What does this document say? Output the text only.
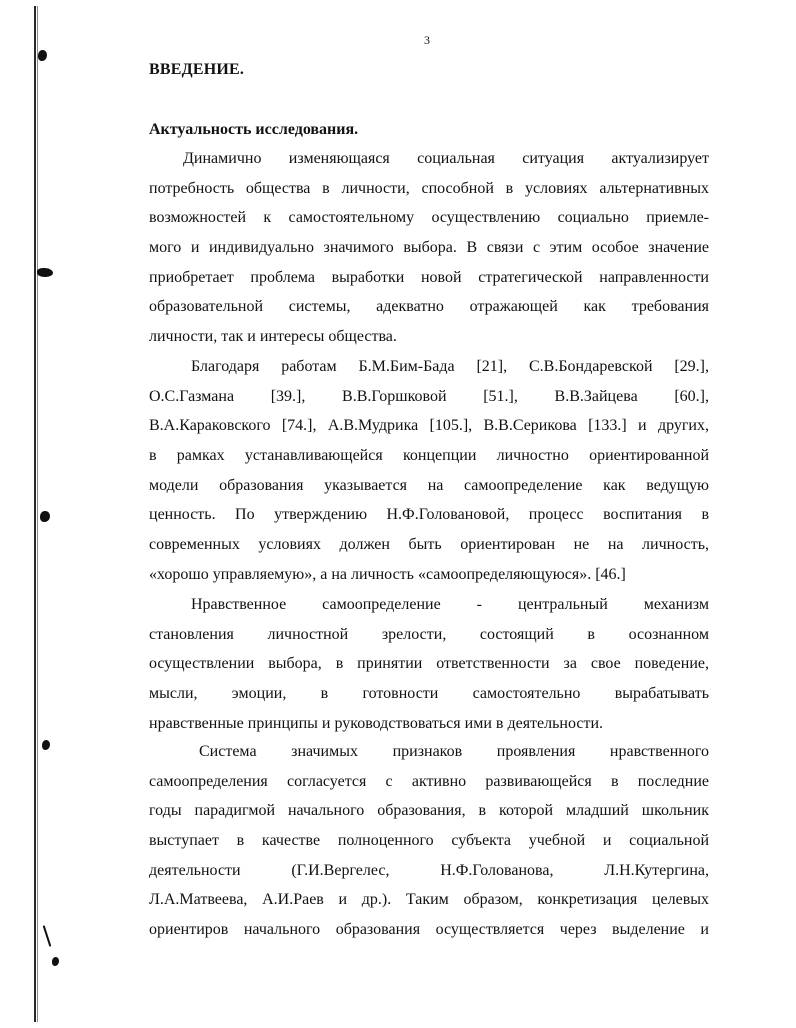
3
ВВЕДЕНИЕ.
Актуальность исследования.
Динамично изменяющаяся социальная ситуация актуализирует
потребность общества в личности, способной в условиях альтернативных
возможностей к самостоятельному осуществлению социально приемле-
мого и индивидуально значимого выбора. В связи с этим особое значение
приобретает проблема выработки новой стратегической направленности
образовательной системы, адекватно отражающей как требования
личности, так и интересы общества.
Благодаря работам Б.М.Бим-Бада [21], С.В.Бондаревской [29.],
О.С.Газмана [39.], В.В.Горшковой [51.], В.В.Зайцева [60.],
В.А.Караковского [74.], А.В.Мудрика [105.], В.В.Серикова [133.] и других,
в рамках устанавливающейся концепции личностно ориентированной
модели образования указывается на самоопределение как ведущую
ценность. По утверждению Н.Ф.Головановой, процесс воспитания в
современных условиях должен быть ориентирован не на личность,
«хорошо управляемую», а на личность «самоопределяющуюся». [46.]
Нравственное самоопределение - центральный механизм
становления личностной зрелости, состоящий в осознанном
осуществлении выбора, в принятии ответственности за свое поведение,
мысли, эмоции, в готовности самостоятельно вырабатывать
нравственные принципы и руководствоваться ими в деятельности.
Система значимых признаков проявления нравственного
самоопределения согласуется с активно развивающейся в последние
годы парадигмой начального образования, в которой младший школьник
выступает в качестве полноценного субъекта учебной и социальной
деятельности (Г.И.Вергелес, Н.Ф.Голованова, Л.Н.Кутергина,
Л.А.Матвеева, А.И.Раев и др.). Таким образом, конкретизация целевых
ориентиров начального образования осуществляется через выделение и
